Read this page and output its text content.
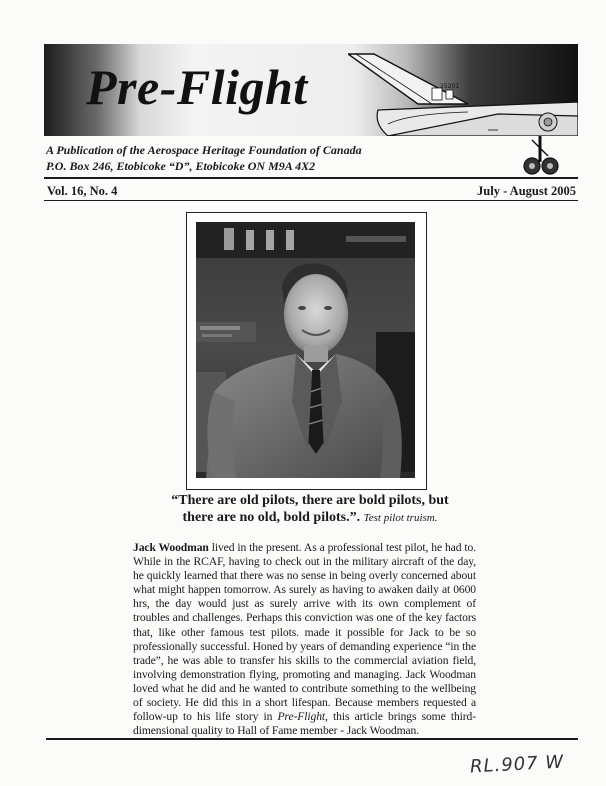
Pre-Flight	25201

A Publication of the Aerospace Heritage Foundation of Canada

P.O. Box 246, Etobicoke “D”, Etobicoke ON M9A 4X2

Vol. 16, No. 4	July - August 2005

“There are old pilots, there are bold pilots, but
there are no old, bold pilots.”. Test pilot truism.

Jack Woodman lived in the present. As a professional test pilot, he had to. While in the RCAF, having to check out in the military aircraft of the day, he quickly learned that there was no sense in being overly concerned about what might happen tomorrow. As surely as having to awaken daily at 0600 hrs, the day would just as surely arrive with its own complement of troubles and challenges. Perhaps this conviction was one of the key factors that, like other famous test pilots. made it possible for Jack to be so professionally successful. Honed by years of demanding experience “in the trade”, he was able to transfer his skills to the commercial aviation field, involving demonstration flying, promoting and managing. Jack Woodman loved what he did and he wanted to contribute something to the wellbeing of society. He did this in a short lifespan. Because members requested a follow-up to his life story in Pre-Flight, this article brings some third-dimensional quality to Hall of Fame member - Jack Woodman.

RL.907 W
